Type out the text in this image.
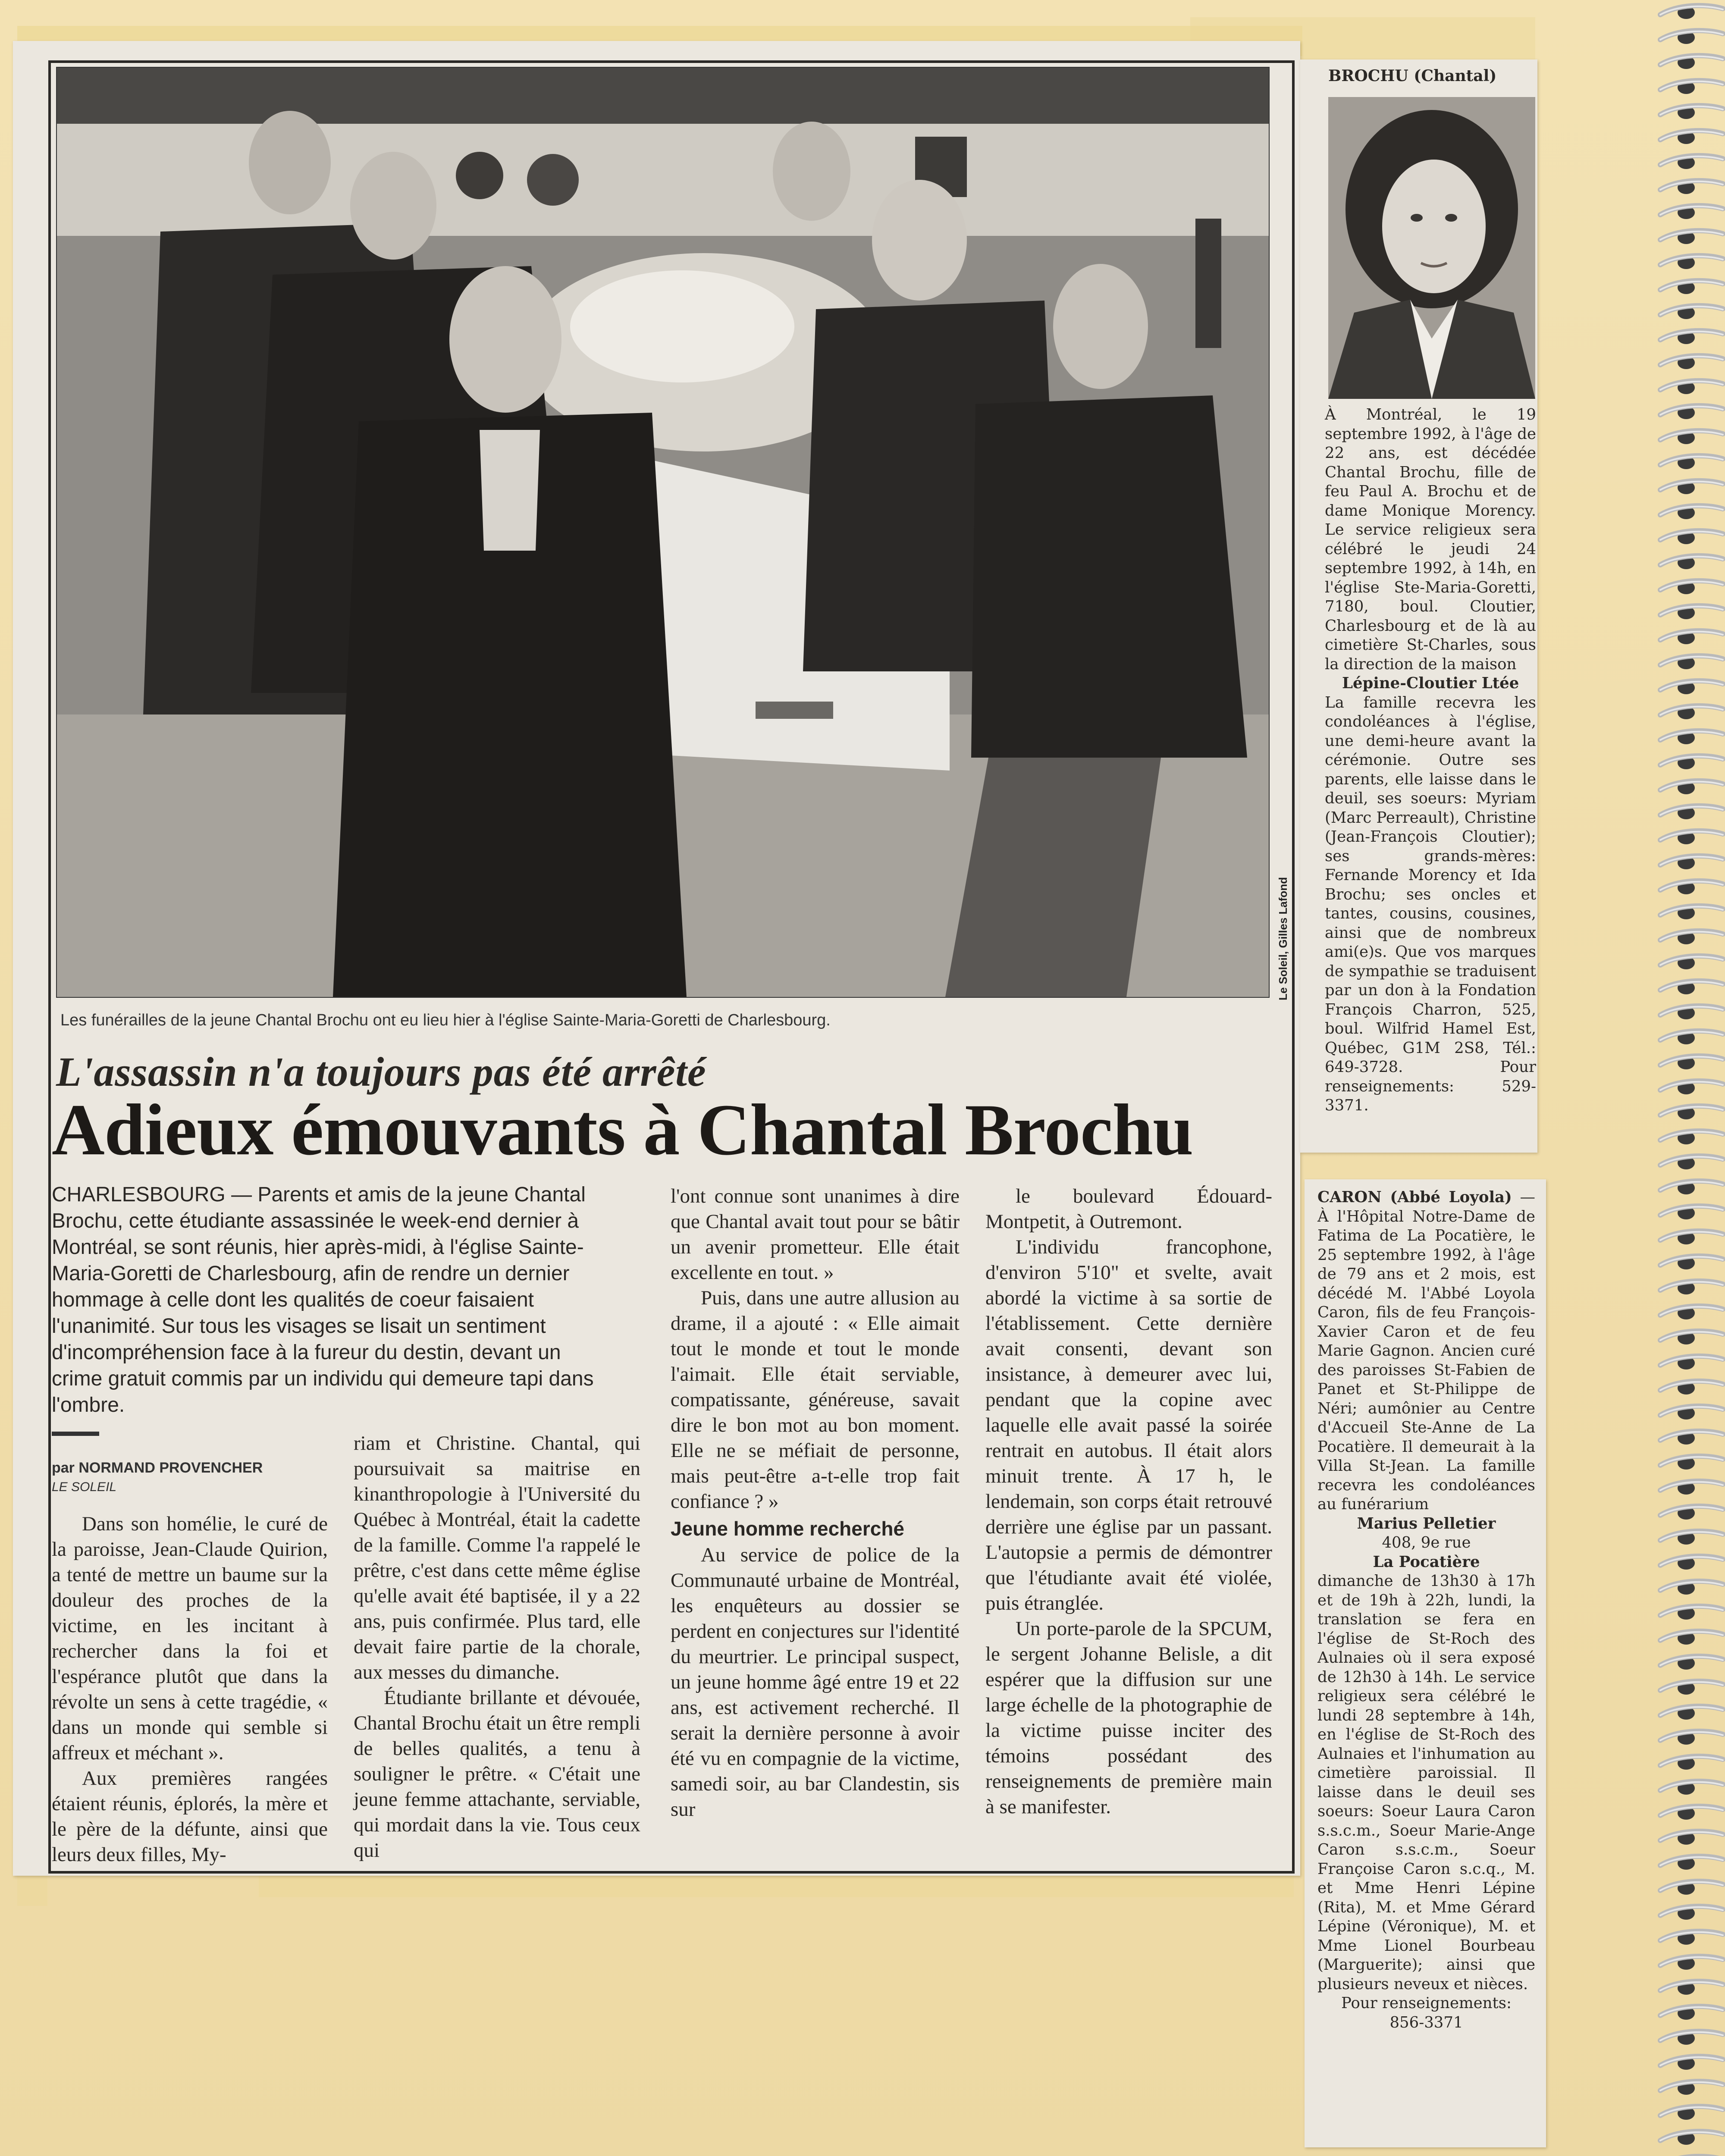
Le Soleil, Gilles Lafond
Les funérailles de la jeune Chantal Brochu ont eu lieu hier à l'église Sainte-Maria-Goretti de Charlesbourg.
L'assassin n'a toujours pas été arrêté
Adieux émouvants à Chantal Brochu
CHARLESBOURG — Parents et amis de la jeune Chantal Brochu, cette étudiante assassinée le week-end dernier à Montréal, se sont réunis, hier après-midi, à l'église Sainte-Maria-Goretti de Charlesbourg, afin de rendre un dernier hommage à celle dont les qualités de coeur faisaient l'unanimité. Sur tous les visages se lisait un sentiment d'incompréhension face à la fureur du destin, devant un crime gratuit commis par un individu qui demeure tapi dans l'ombre.
par NORMAND PROVENCHER
LE SOLEIL

Dans son homélie, le curé de la paroisse, Jean-Claude Quirion, a tenté de mettre un baume sur la douleur des proches de la victime, en les incitant à rechercher dans la foi et l'espérance plutôt que dans la révolte un sens à cette tragédie, « dans un monde qui semble si affreux et méchant ».

Aux premières rangées étaient réunis, éplorés, la mère et le père de la défunte, ainsi que leurs deux filles, My-

riam et Christine. Chantal, qui poursuivait sa maitrise en kinanthropologie à l'Université du Québec à Montréal, était la cadette de la famille. Comme l'a rappelé le prêtre, c'est dans cette même église qu'elle avait été baptisée, il y a 22 ans, puis confirmée. Plus tard, elle devait faire partie de la chorale, aux messes du dimanche.

Étudiante brillante et dévouée, Chantal Brochu était un être rempli de belles qualités, a tenu à souligner le prêtre. « C'était une jeune femme attachante, serviable, qui mordait dans la vie. Tous ceux qui

l'ont connue sont unanimes à dire que Chantal avait tout pour se bâtir un avenir prometteur. Elle était excellente en tout. »

Puis, dans une autre allusion au drame, il a ajouté : « Elle aimait tout le monde et tout le monde l'aimait. Elle était serviable, compatissante, généreuse, savait dire le bon mot au bon moment. Elle ne se méfiait de personne, mais peut-être a-t-elle trop fait confiance ? »

Jeune homme recherché

Au service de police de la Communauté urbaine de Montréal, les enquêteurs au dossier se perdent en conjectures sur l'identité du meurtrier. Le principal suspect, un jeune homme âgé entre 19 et 22 ans, est activement recherché. Il serait la dernière personne à avoir été vu en compagnie de la victime, samedi soir, au bar Clandestin, sis sur

le boulevard Édouard-Montpetit, à Outremont.

L'individu francophone, d'environ 5'10" et svelte, avait abordé la victime à sa sortie de l'établissement. Cette dernière avait consenti, devant son insistance, à demeurer avec lui, pendant que la copine avec laquelle elle avait passé la soirée rentrait en autobus. Il était alors minuit trente. À 17 h, le lendemain, son corps était retrouvé derrière une église par un passant. L'autopsie a permis de démontrer que l'étudiante avait été violée, puis étranglée.

Un porte-parole de la SPCUM, le sergent Johanne Belisle, a dit espérer que la diffusion sur une large échelle de la photographie de la victime puisse inciter des témoins possédant des renseignements de première main à se manifester.

BROCHU (Chantal)
À Montréal, le 19 septembre 1992, à l'âge de 22 ans, est décédée Chantal Brochu, fille de feu Paul A. Brochu et de dame Monique Morency. Le service religieux sera célébré le jeudi 24 septembre 1992, à 14h, en l'église Ste-Maria-Goretti, 7180, boul. Cloutier, Charlesbourg et de là au cimetière St-Charles, sous la direction de la maison
Lépine-Cloutier Ltée
La famille recevra les condoléances à l'église, une demi-heure avant la cérémonie. Outre ses parents, elle laisse dans le deuil, ses soeurs: Myriam (Marc Perreault), Christine (Jean-François Cloutier); ses grands-mères: Fernande Morency et Ida Brochu; ses oncles et tantes, cousins, cousines, ainsi que de nombreux ami(e)s. Que vos marques de sympathie se traduisent par un don à la Fondation François Charron, 525, boul. Wilfrid Hamel Est, Québec, G1M 2S8, Tél.: 649-3728. Pour renseignements: 529-3371.
CARON (Abbé Loyola) — À l'Hôpital Notre-Dame de Fatima de La Pocatière, le 25 septembre 1992, à l'âge de 79 ans et 2 mois, est décédé M. l'Abbé Loyola Caron, fils de feu François-Xavier Caron et de feu Marie Gagnon. Ancien curé des paroisses St-Fabien de Panet et St-Philippe de Néri; aumônier au Centre d'Accueil Ste-Anne de La Pocatière. Il demeurait à la Villa St-Jean. La famille recevra les condoléances au funérarium
Marius Pelletier
408, 9e rue
La Pocatière
dimanche de 13h30 à 17h et de 19h à 22h, lundi, la translation se fera en l'église de St-Roch des Aulnaies où il sera exposé de 12h30 à 14h. Le service religieux sera célébré le lundi 28 septembre à 14h, en l'église de St-Roch des Aulnaies et l'inhumation au cimetière paroissial. Il laisse dans le deuil ses soeurs: Soeur Laura Caron s.s.c.m., Soeur Marie-Ange Caron s.s.c.m., Soeur Françoise Caron s.c.q., M. et Mme Henri Lépine (Rita), M. et Mme Gérard Lépine (Véronique), M. et Mme Lionel Bourbeau (Marguerite); ainsi que plusieurs neveux et nièces.
Pour renseignements:
856-3371
